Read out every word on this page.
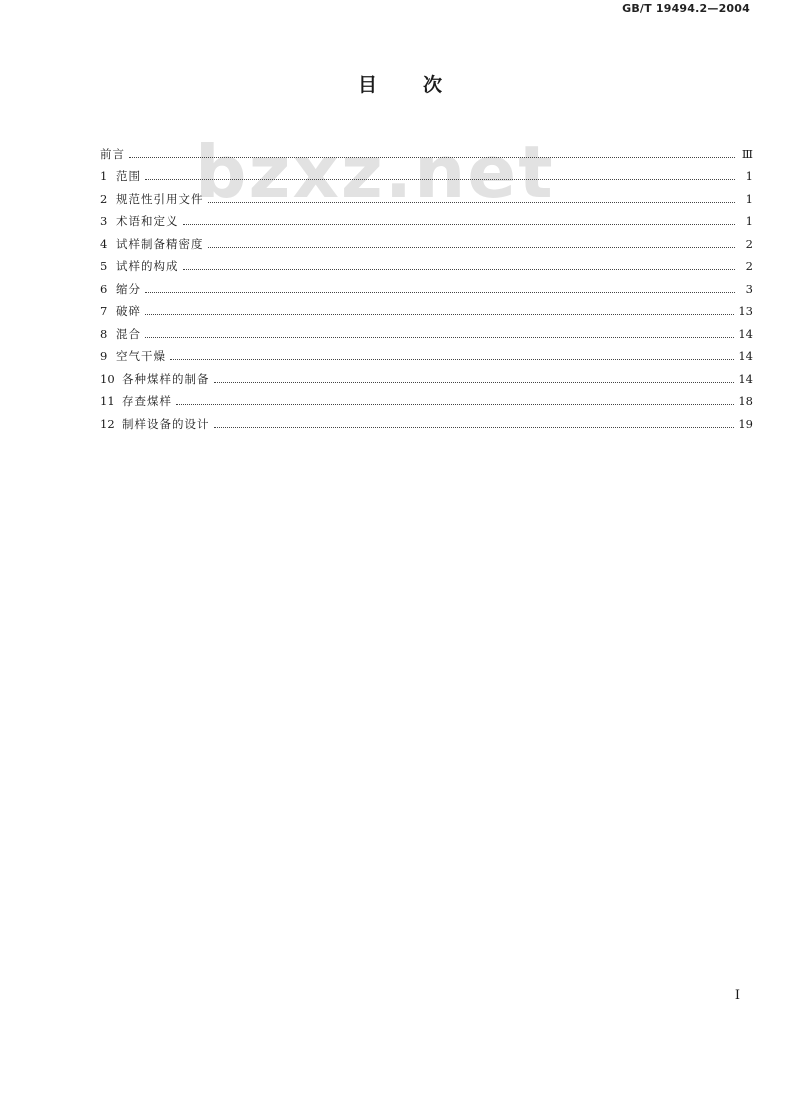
GB/T 19494.2—2004
目次
bzxz.net
前言	Ⅲ
1 范围	1
2 规范性引用文件	1
3 术语和定义	1
4 试样制备精密度	2
5 试样的构成	2
6 缩分	3
7 破碎	13
8 混合	14
9 空气干燥	14
10 各种煤样的制备	14
11 存查煤样	18
12 制样设备的设计	19
I
